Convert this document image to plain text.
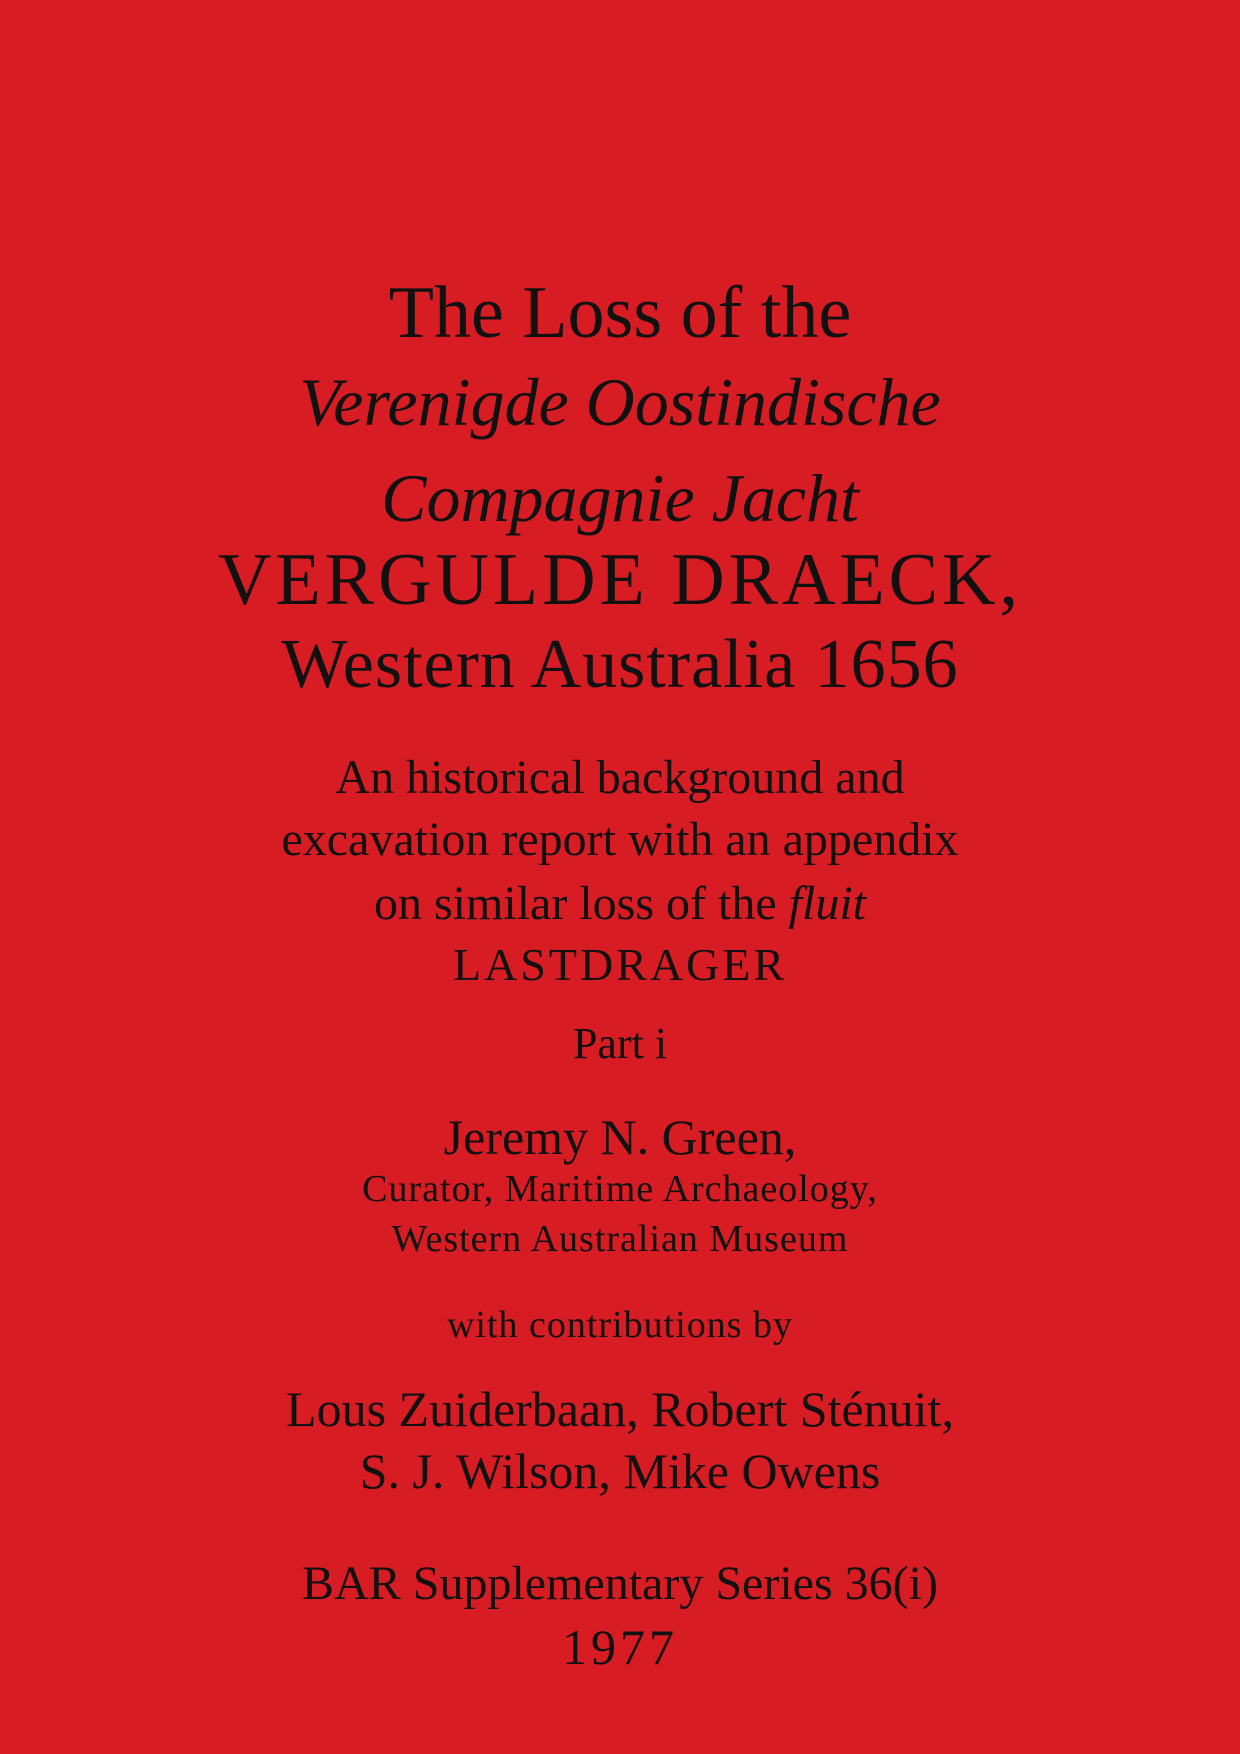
The Loss of the
Verenigde Oostindische
Compagnie Jacht
VERGULDE DRAECK,
Western Australia 1656
An historical background and
excavation report with an appendix
on similar loss of the fluit
LASTDRAGER
Part i
Jeremy N. Green,
Curator, Maritime Archaeology,
Western Australian Museum
with contributions by
Lous Zuiderbaan, Robert Sténuit,
S. J. Wilson, Mike Owens
BAR Supplementary Series 36(i)
1977
